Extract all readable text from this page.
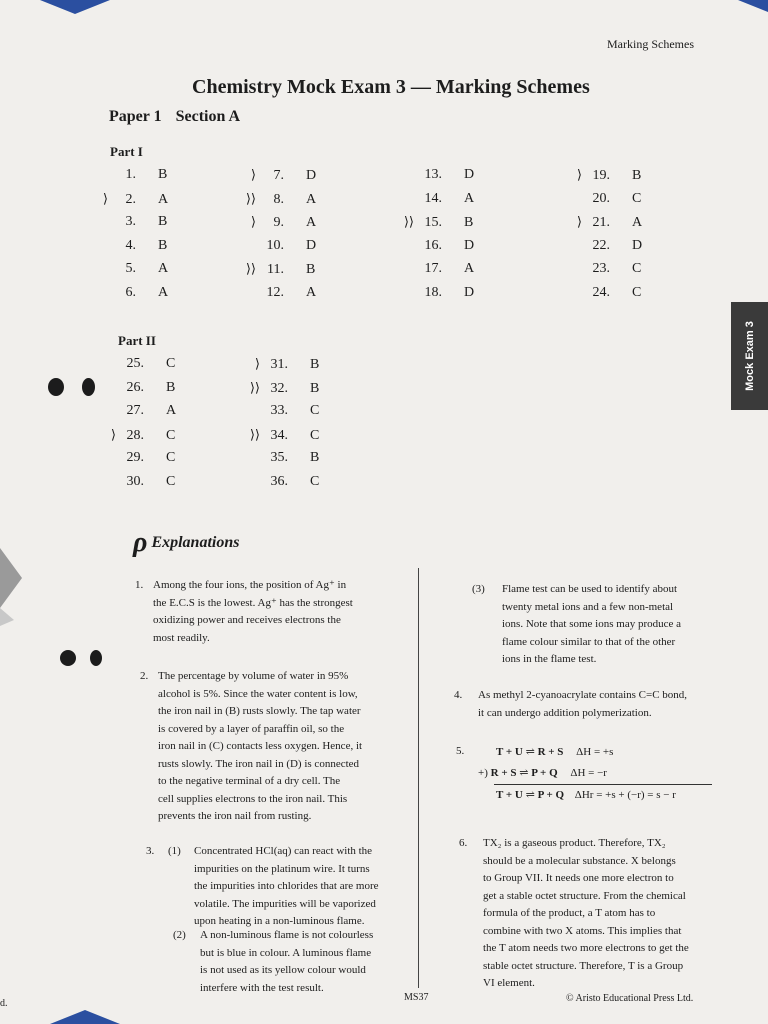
Marking Schemes
Chemistry Mock Exam 3 — Marking Schemes
Paper 1 Section A
Part I
1. B
⟩ 2. A
3. B
4. B
5. A
6. A
⟩ 7. D
⟩⟩ 8. A
⟩ 9. A
10. D
⟩⟩ 11. B
12. A
13. D
14. A
⟩⟩ 15. B
16. D
17. A
18. D
⟩ 19. B
20. C
⟩ 21. A
22. D
23. C
24. C
Part II
25. C
26. B
27. A
⟩ 28. C
29. C
30. C
⟩ 31. B
⟩⟩ 32. B
33. C
⟩⟩ 34. C
35. B
36. C
Mock Exam 3
ρ Explanations
1. Among the four ions, the position of Ag⁺ in
the E.C.S is the lowest. Ag⁺ has the strongest
oxidizing power and receives electrons the
most readily.
2. The percentage by volume of water in 95%
alcohol is 5%. Since the water content is low,
the iron nail in (B) rusts slowly. The tap water
is covered by a layer of paraffin oil, so the
iron nail in (C) contacts less oxygen. Hence, it
rusts slowly. The iron nail in (D) is connected
to the negative terminal of a dry cell. The
cell supplies electrons to the iron nail. This
prevents the iron nail from rusting.
3. (1) Concentrated HCl(aq) can react with the
impurities on the platinum wire. It turns
the impurities into chlorides that are more
volatile. The impurities will be vaporized
upon heating in a non-luminous flame.
(2) A non-luminous flame is not colourless
but is blue in colour. A luminous flame
is not used as its yellow colour would
interfere with the test result.
(3) Flame test can be used to identify about
twenty metal ions and a few non-metal
ions. Note that some ions may produce a
flame colour similar to that of the other
ions in the flame test.
4. As methyl 2-cyanoacrylate contains C=C bond,
it can undergo addition polymerization.
5.	T + U ⇌ R + S ΔH = +s
+) R + S ⇌ P + Q ΔH = −r
T + U ⇌ P + Q ΔHr = +s + (−r) = s − r
6. TX₂ is a gaseous product. Therefore, TX₂
should be a molecular substance. X belongs
to Group VII. It needs one more electron to
get a stable octet structure. From the chemical
formula of the product, a T atom has to
combine with two X atoms. This implies that
the T atom needs two more electrons to get the
stable octet structure. Therefore, T is a Group
VI element.
MS37	© Aristo Educational Press Ltd.
d.
